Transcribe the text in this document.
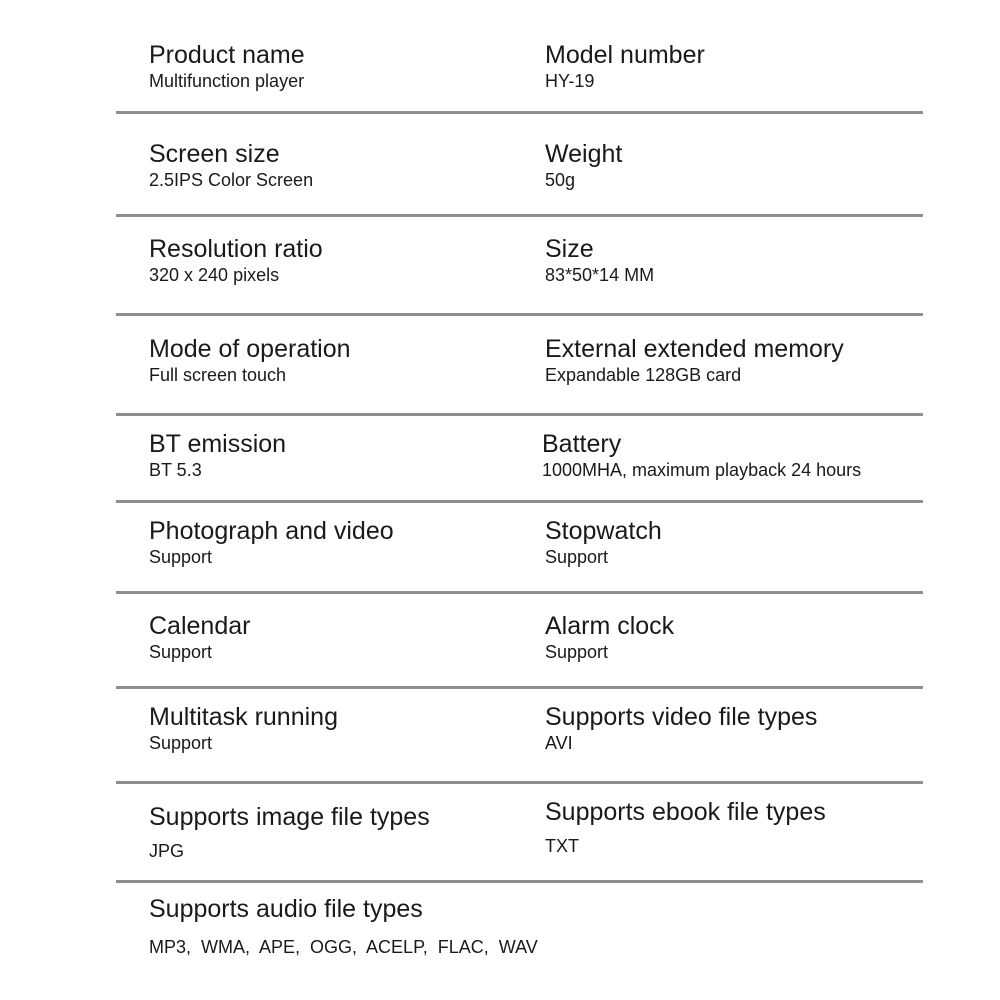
Product name
Multifunction player
Model number
HY-19
Screen size
2.5IPS Color Screen
Weight
50g
Resolution ratio
320 x 240 pixels
Size
83*50*14 MM
Mode of operation
Full screen touch
External extended memory
Expandable 128GB card
BT emission
BT 5.3
Battery
1000MHA, maximum playback 24 hours
Photograph and video
Support
Stopwatch
Support
Calendar
Support
Alarm clock
Support
Multitask running
Support
Supports video file types
AVI
Supports image file types
JPG
Supports ebook file types
TXT
Supports audio file types
MP3,  WMA,  APE,  OGG,  ACELP,  FLAC,  WAV
